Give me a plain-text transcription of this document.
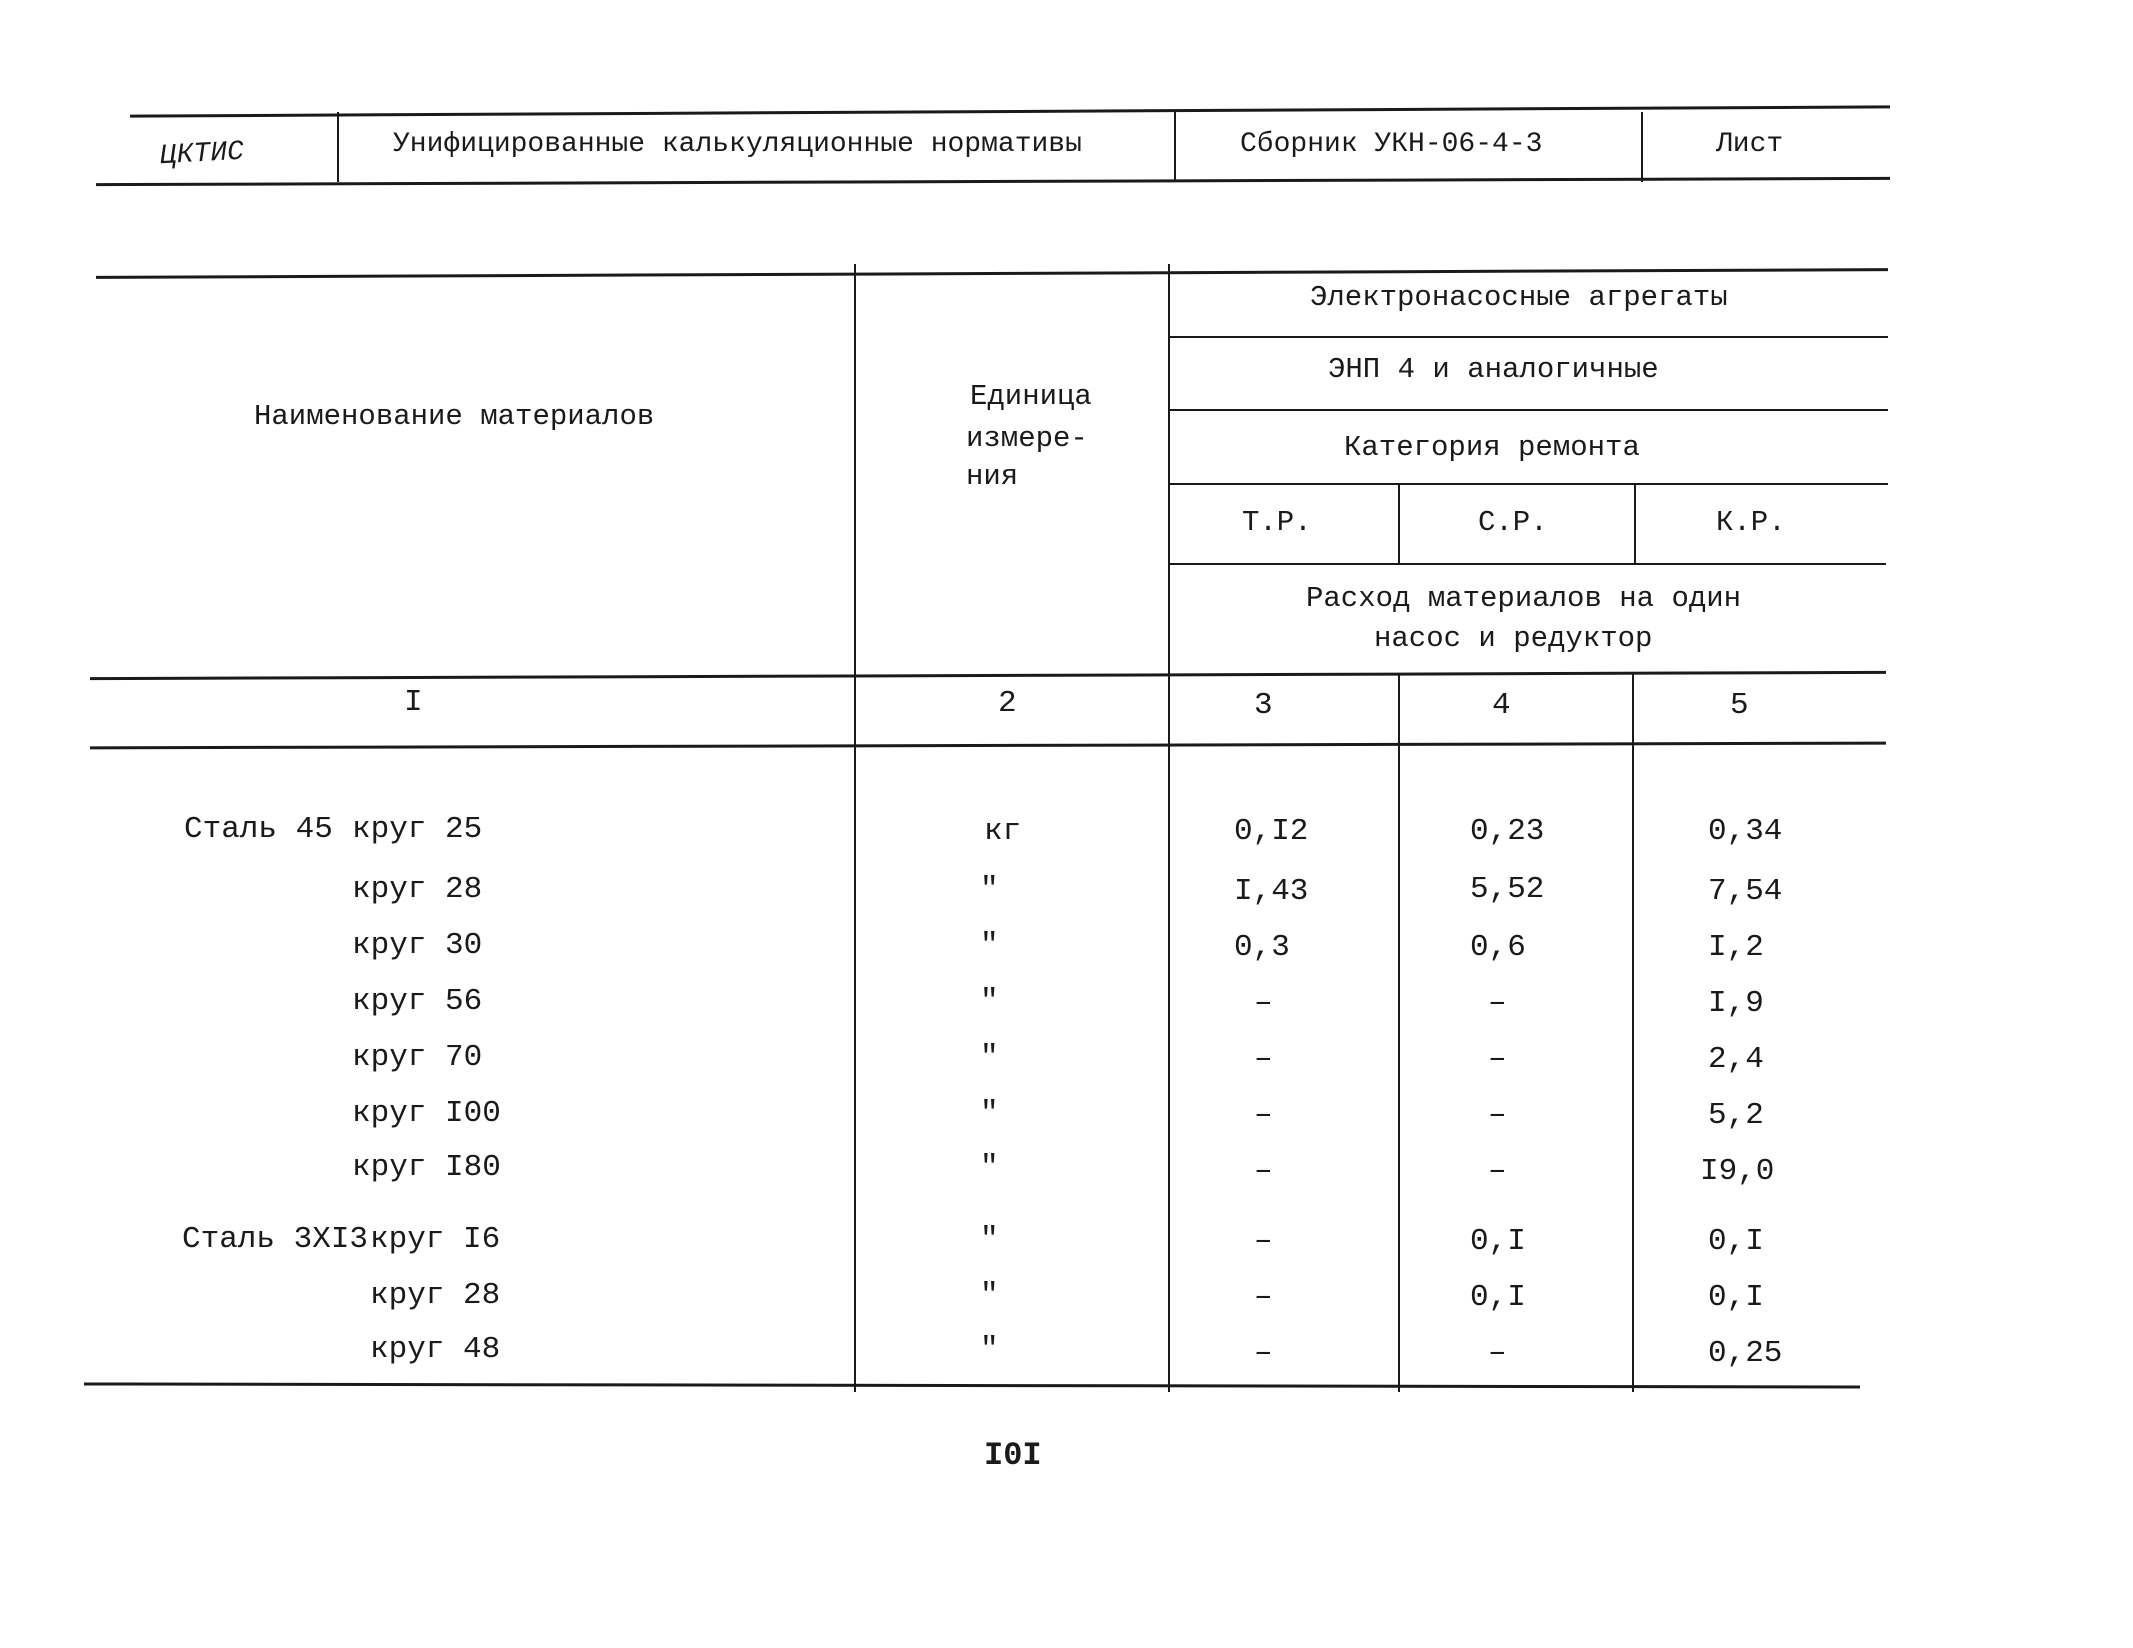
ЦКТИС	Унифицированные калькуляционные нормативы	Сборник УКН-06-4-3	Лист
Наименование материалов
Единица
измере-
ния
Электронасосные агрегаты
ЭНП 4 и аналогичные
Категория ремонта
Т.Р.	С.Р.	К.Р.
Расход материалов на один
насос и редуктор
I	2	3	4	5
Сталь 45 круг 25	кг	0,I2	0,23	0,34
круг 28	"	I,43	5,52	7,54
круг 30	"	0,3	0,6	I,2
круг 56	"	–	–	I,9
круг 70	"	–	–	2,4
круг I00	"	–	–	5,2
круг I80	"	–	–	I9,0
Сталь 3XI3 круг I6	"	–	0,I	0,I
круг 28	"	–	0,I	0,I
круг 48	"	–	–	0,25
I0I
